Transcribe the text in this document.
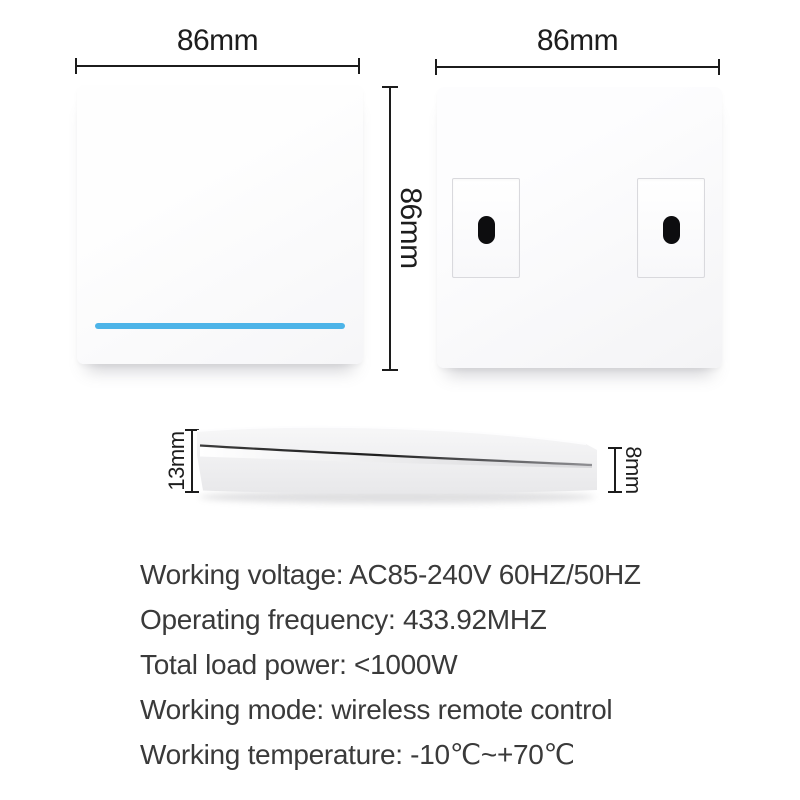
86mm
86mm
86mm
13mm	8mm
Working voltage: AC85-240V 60HZ/50HZ
Operating frequency: 433.92MHZ
Total load power: <1000W
Working mode: wireless remote control
Working temperature: -10℃~+70℃
